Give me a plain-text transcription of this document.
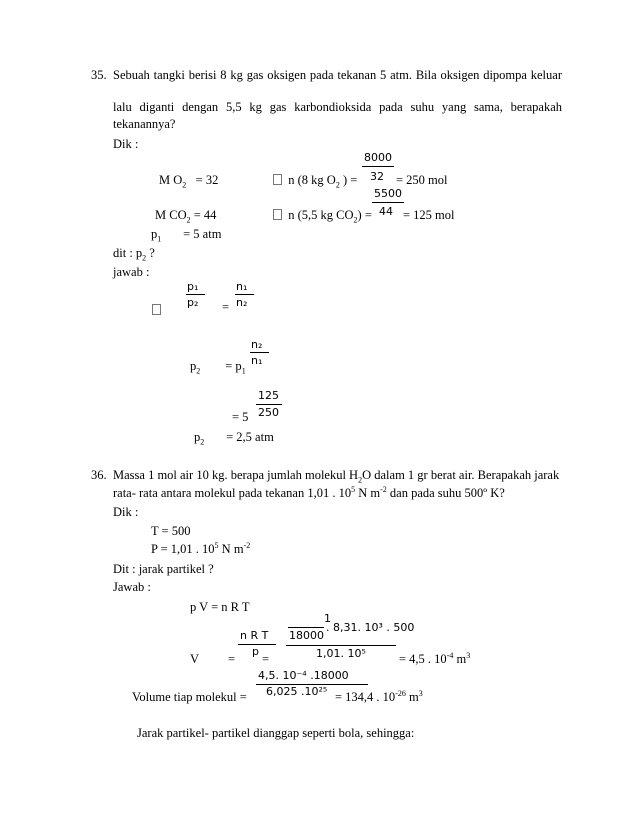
35. Sebuah tangki berisi 8 kg gas oksigen pada tekanan 5 atm. Bila oksigen dipompa keluar
lalu diganti dengan 5,5 kg gas karbondioksida pada suhu yang sama, berapakah
tekanannya?
Dik :
M $O_2 = 32$	n (8 kg $O_2$ ) =
8000
32 = 250 mol
5500
M $CO_2 = 44$	n (5,5 kg $CO_2) = 44 = 125$ mol
$p_1 = 5$ atm
dit : $p_2$ ?
jawab :
p₁
p₂
n₁
n₂
=
n₂
n₁
$p_2 = p_1$
125
250
= 5
$p_2 = 2,5$ atm
36. Massa 1 mol air 10 kg. berapa jumlah molekul $H_2O$ dalam 1 gr berat air. Berapakah jarak
rata- rata antara molekul pada tekanan 1,01 . $10^5$ N $m^{-2}$ dan pada suhu 500º K?
Dik :
T = 500
P = 1,01 . $10^5$ N $m^{-2}$
Dit : jarak partikel ?
Jawab :
p V = n R T
1
18000
. 8,31. 10³ . 500
n R T
p	1,01. 10⁵
V = =	= 4,5 . $10^{-4}$ $m^3$
4,5. 10⁻⁴ .18000
6,025 .10²⁵
Volume tiap molekul =	= 134,4 . $10^{-26}$ $m^3$
Jarak partikel- partikel dianggap seperti bola, sehingga:
